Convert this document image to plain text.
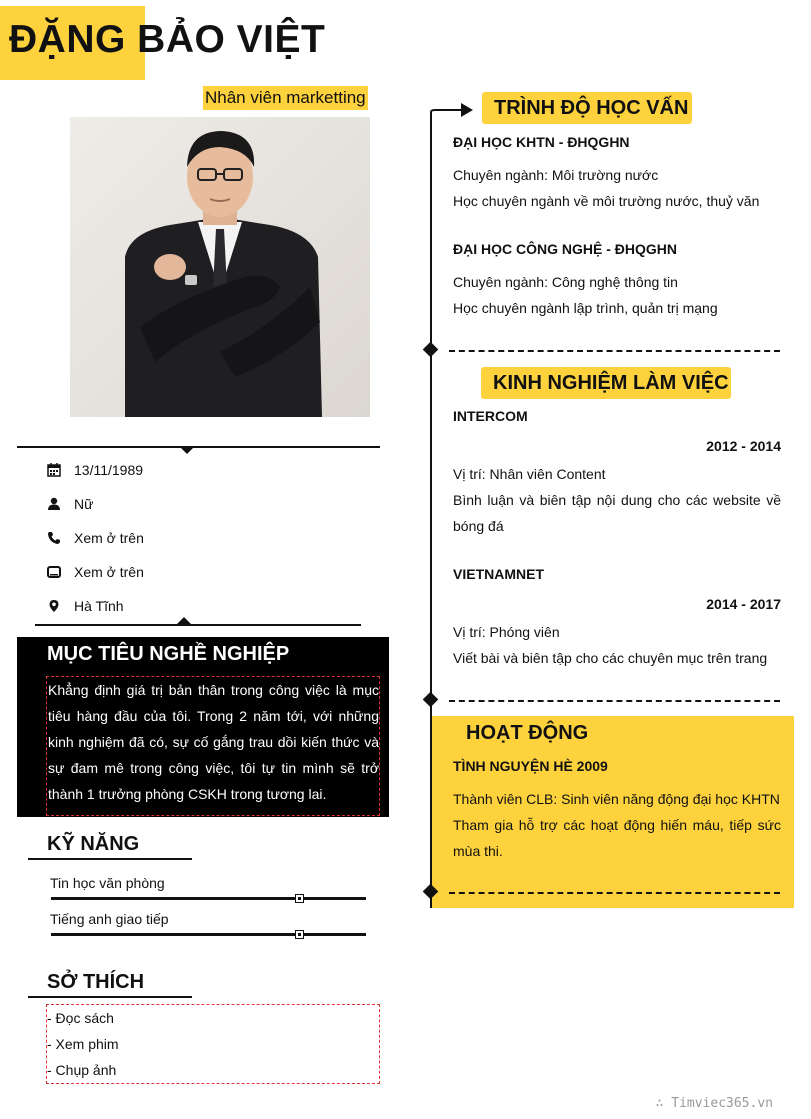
ĐẶNG BẢO VIỆT
Nhân viên marketting
13/11/1989
Nữ
Xem ở trên
Xem ở trên
Hà Tĩnh
MỤC TIÊU NGHỀ NGHIỆP
Khẳng định giá trị bản thân trong công việc là mục tiêu hàng đầu của tôi. Trong 2 năm tới, với những kinh nghiệm đã có, sự cố gắng trau dồi kiến thức và sự đam mê trong công việc, tôi tự tin mình sẽ trở thành 1 trưởng phòng CSKH trong tương lai.
KỸ NĂNG
Tin học văn phòng
Tiếng anh giao tiếp
SỞ THÍCH
- Đọc sách
- Xem phim
- Chụp ảnh
TRÌNH ĐỘ HỌC VẤN
ĐẠI HỌC KHTN - ĐHQGHN
Chuyên ngành: Môi trường nước
Học chuyên ngành về môi trường nước, thuỷ văn
ĐẠI HỌC CÔNG NGHỆ - ĐHQGHN
Chuyên ngành: Công nghệ thông tin
Học chuyên ngành lập trình, quản trị mạng
KINH NGHIỆM LÀM VIỆC
INTERCOM
2012 - 2014
Vị trí: Nhân viên Content
Bình luận và biên tập nội dung cho các website về bóng đá
VIETNAMNET
2014 - 2017
Vị trí: Phóng viên
Viết bài và biên tập cho các chuyên mục trên trang
HOẠT ĐỘNG
TÌNH NGUYỆN HÈ 2009
Thành viên CLB: Sinh viên năng động đại học KHTN
Tham gia hỗ trợ các hoạt động hiến máu, tiếp sức mùa thi.
∴ Timviec365.vn
